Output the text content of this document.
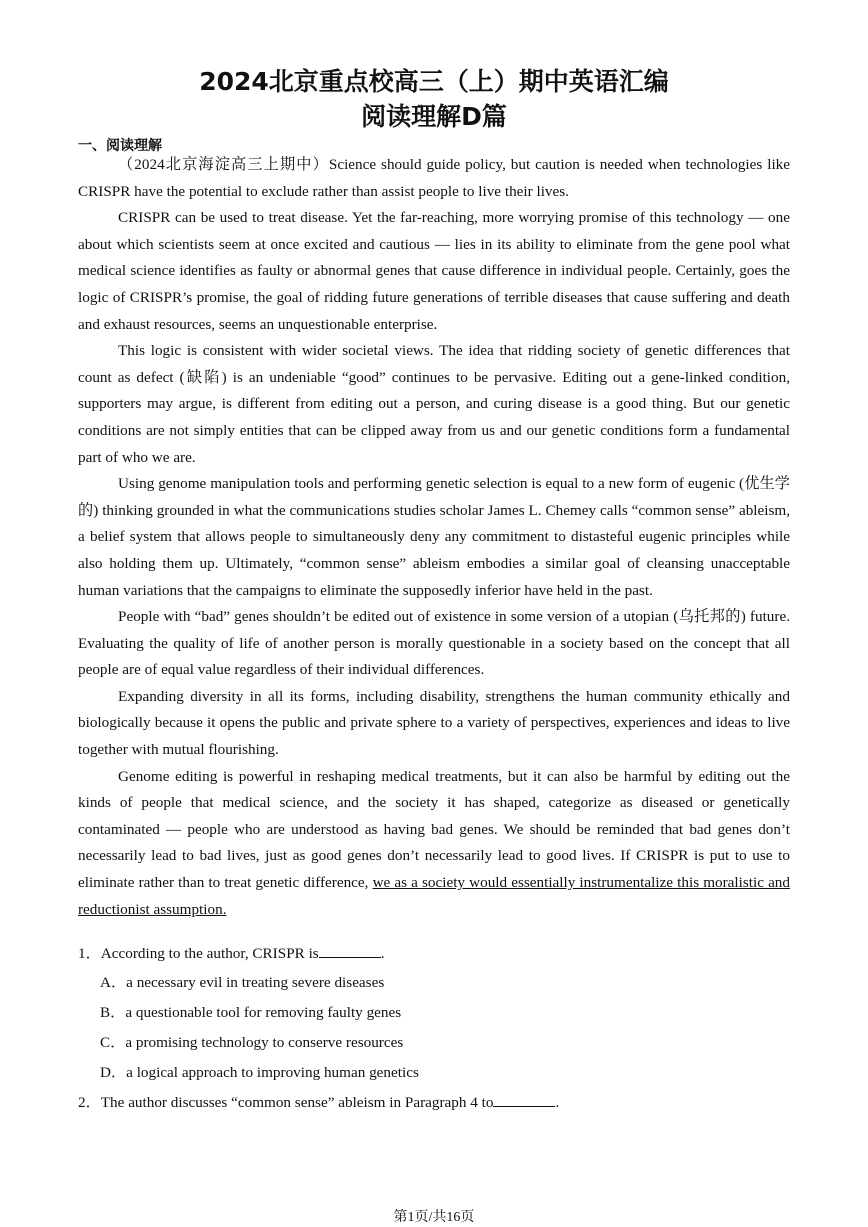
2024北京重点校高三（上）期中英语汇编
阅读理解D篇
一、阅读理解

（2024北京海淀高三上期中）Science should guide policy, but caution is needed when technologies like CRISPR have the potential to exclude rather than assist people to live their lives.

CRISPR can be used to treat disease. Yet the far-reaching, more worrying promise of this technology — one about which scientists seem at once excited and cautious — lies in its ability to eliminate from the gene pool what medical science identifies as faulty or abnormal genes that cause difference in individual people. Certainly, goes the logic of CRISPR’s promise, the goal of ridding future generations of terrible diseases that cause suffering and death and exhaust resources, seems an unquestionable enterprise.

This logic is consistent with wider societal views. The idea that ridding society of genetic differences that count as defect (缺陷) is an undeniable “good” continues to be pervasive. Editing out a gene-linked condition, supporters may argue, is different from editing out a person, and curing disease is a good thing. But our genetic conditions are not simply entities that can be clipped away from us and our genetic conditions form a fundamental part of who we are.

Using genome manipulation tools and performing genetic selection is equal to a new form of eugenic (优生学的) thinking grounded in what the communications studies scholar James L. Chemey calls “common sense” ableism, a belief system that allows people to simultaneously deny any commitment to distasteful eugenic principles while also holding them up. Ultimately, “common sense” ableism embodies a similar goal of cleansing unacceptable human variations that the campaigns to eliminate the supposedly inferior have held in the past.

People with “bad” genes shouldn’t be edited out of existence in some version of a utopian (乌托邦的) future. Evaluating the quality of life of another person is morally questionable in a society based on the concept that all people are of equal value regardless of their individual differences.

Expanding diversity in all its forms, including disability, strengthens the human community ethically and biologically because it opens the public and private sphere to a variety of perspectives, experiences and ideas to live together with mutual flourishing.

Genome editing is powerful in reshaping medical treatments, but it can also be harmful by editing out the kinds of people that medical science, and the society it has shaped, categorize as diseased or genetically contaminated — people who are understood as having bad genes. We should be reminded that bad genes don’t necessarily lead to bad lives, just as good genes don’t necessarily lead to good lives. If CRISPR is put to use to eliminate rather than to treat genetic difference, we as a society would essentially instrumentalize this moralistic and reductionist assumption.

1．According to the author, CRISPR is	.
A．a necessary evil in treating severe diseases
B．a questionable tool for removing faulty genes
C．a promising technology to conserve resources
D．a logical approach to improving human genetics
2．The author discusses “common sense” ableism in Paragraph 4 to	.
第1页/共16页
